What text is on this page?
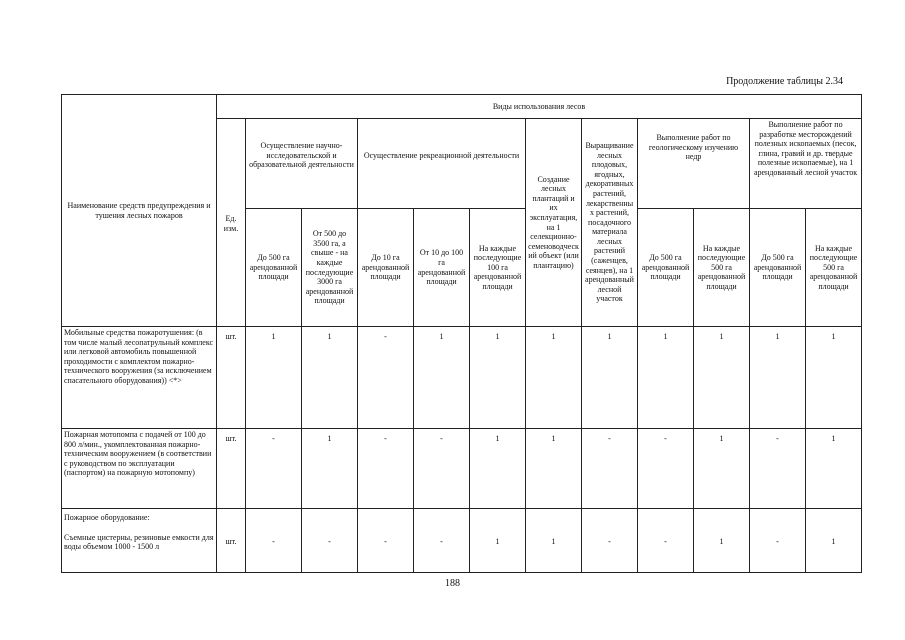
Продолжение таблицы 2.34
Наименование средств предупреждения и тушения лесных пожаров	Виды использования лесов											
	Ед. изм.	Осуществление научно-исследовательской и образовательной деятельности		Осуществление рекреационной деятельности			Создание лесных плантаций и их эксплуатация, на 1 селекционно-семеноводческий объект (или плантацию)	Выращивание лесных плодовых, ягодных, декоративных растений, лекарственных растений, посадочного материала лесных растений (саженцев, сеянцев), на 1 арендованный лесной участок	Выполнение работ по геологическому изучению недр		Выполнение работ по разработке месторождений полезных ископаемых (песок, глина, гравий и др. твердые полезные ископаемые), на 1 арендованный лесной участок	
		До 500 га арендованной площади	От 500 до 3500 га, а свыше - на каждые последующие 3000 га арендованной площади	До 10 га арендованной площади	От 10 до 100 га арендованной площади	На каждые последующие 100 га арендованной площади			До 500 га арендованной площади	На каждые последующие 500 га арендованной площади	До 500 га арендованной площади	На каждые последующие 500 га арендованной площади
Мобильные средства пожаротушения: (в том числе малый лесопатрульный комплекс или легковой автомобиль повышенной проходимости с комплектом пожарно-технического вооружения (за исключением спасательного оборудования)) <*>	шт.	1	1	-	1	1	1	1	1	1	1	1
Пожарная мотопомпа с подачей от 100 до 800 л/мин., укомплектованная пожарно-техническим вооружением (в соответствии с руководством по эксплуатации (паспортом) на пожарную мотопомпу)	шт.	-	1	-	-	1	1	-	-	1	-	1
Пожарное оборудование:
Съемные цистерны, резиновые емкости для воды объемом 1000 - 1500 л	шт.	-	-	-	-	1	1	-	-	1	-	1
188
